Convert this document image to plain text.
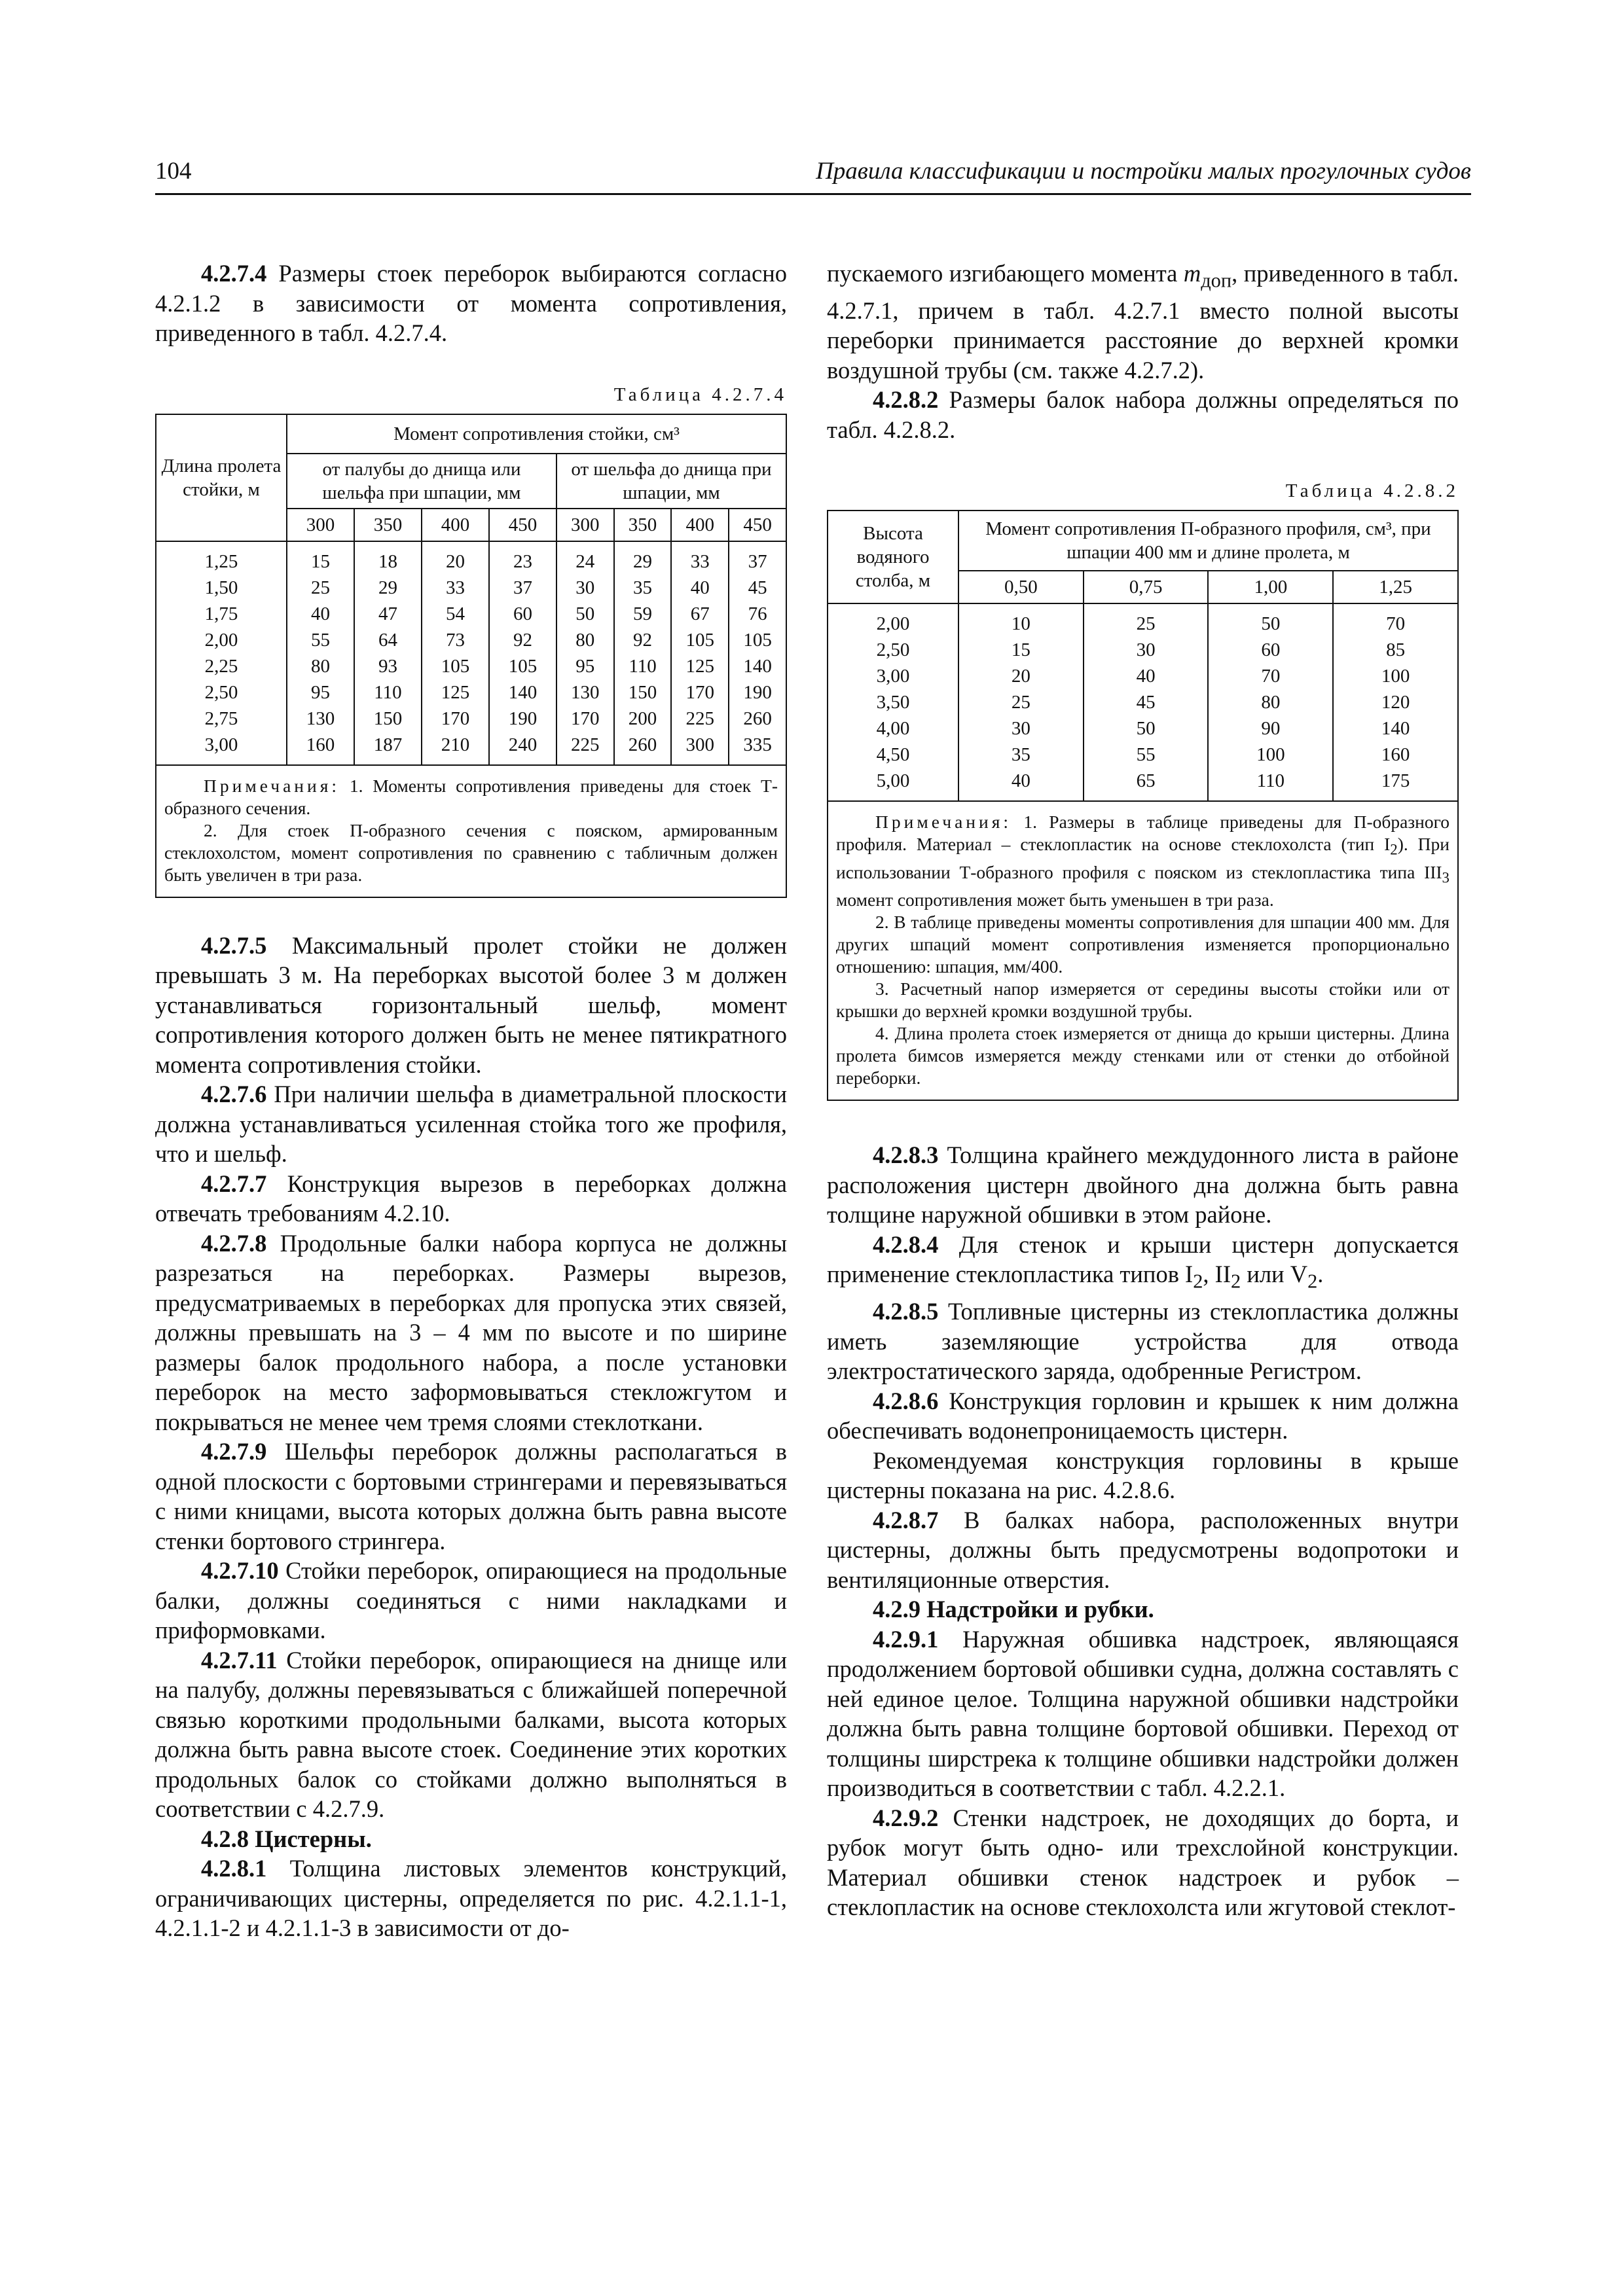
104	Правила классификации и постройки малых прогулочных судов

4.2.7.4 Размеры стоек переборок выбираются согласно 4.2.1.2 в зависимости от момента сопротивления, приведенного в табл. 4.2.7.4.

Таблица 4.2.7.4
Длина пролета стойки, м	Момент сопротивления стойки, см³							
	от палубы до днища или шельфа при шпации, мм				от шельфа до днища при шпации, мм			
	300	350	400	450	300	350	400	450
1,25	15	18	20	23	24	29	33	37
1,50	25	29	33	37	30	35	40	45
1,75	40	47	54	60	50	59	67	76
2,00	55	64	73	92	80	92	105	105
2,25	80	93	105	105	95	110	125	140
2,50	95	110	125	140	130	150	170	190
2,75	130	150	170	190	170	200	225	260
3,00	160	187	210	240	225	260	300	335

Примечания: 1. Моменты сопротивления приведены для стоек Т-образного сечения.

2. Для стоек П-образного сечения с пояском, армированным стеклохолстом, момент сопротивления по сравнению с табличным должен быть увеличен в три раза.								

4.2.7.5 Максимальный пролет стойки не должен превышать 3 м. На переборках высотой более 3 м должен устанавливаться горизонтальный шельф, момент сопротивления которого должен быть не менее пятикратного момента сопротивления стойки.

4.2.7.6 При наличии шельфа в диаметральной плоскости должна устанавливаться усиленная стойка того же профиля, что и шельф.

4.2.7.7 Конструкция вырезов в переборках должна отвечать требованиям 4.2.10.

4.2.7.8 Продольные балки набора корпуса не должны разрезаться на переборках. Размеры вырезов, предусматриваемых в переборках для пропуска этих связей, должны превышать на 3 – 4 мм по высоте и по ширине размеры балок продольного набора, а после установки переборок на место заформовываться стекложгутом и покрываться не менее чем тремя слоями стеклоткани.

4.2.7.9 Шельфы переборок должны располагаться в одной плоскости с бортовыми стрингерами и перевязываться с ними кницами, высота которых должна быть равна высоте стенки бортового стрингера.

4.2.7.10 Стойки переборок, опирающиеся на продольные балки, должны соединяться с ними накладками и приформовками.

4.2.7.11 Стойки переборок, опирающиеся на днище или на палубу, должны перевязываться с ближайшей поперечной связью короткими продольными балками, высота которых должна быть равна высоте стоек. Соединение этих коротких продольных балок со стойками должно выполняться в соответствии с 4.2.7.9.

4.2.8 Цистерны.

4.2.8.1 Толщина листовых элементов конструкций, ограничивающих цистерны, определяется по рис. 4.2.1.1-1, 4.2.1.1-2 и 4.2.1.1-3 в зависимости от до-

пускаемого изгибающего момента $m_{доп}$, приведенного в табл. 4.2.7.1, причем в табл. 4.2.7.1 вместо полной высоты переборки принимается расстояние до верхней кромки воздушной трубы (см. также 4.2.7.2).

4.2.8.2 Размеры балок набора должны определяться по табл. 4.2.8.2.

Таблица 4.2.8.2
Высота водяного столба, м	Момент сопротивления П-образного профиля, см³, при шпации 400 мм и длине пролета, м			
	0,50	0,75	1,00	1,25
2,00	10	25	50	70
2,50	15	30	60	85
3,00	20	40	70	100
3,50	25	45	80	120
4,00	30	50	90	140
4,50	35	55	100	160
5,00	40	65	110	175

Примечания: 1. Размеры в таблице приведены для П-образного профиля. Материал – стеклопластик на основе стеклохолста (тип $I_2$). При использовании Т-образного профиля с пояском из стеклопластика типа $III_3$ момент сопротивления может быть уменьшен в три раза.

2. В таблице приведены моменты сопротивления для шпации 400 мм. Для других шпаций момент сопротивления изменяется пропорционально отношению: шпация, мм/400.

3. Расчетный напор измеряется от середины высоты стойки или от крышки до верхней кромки воздушной трубы.

4. Длина пролета стоек измеряется от днища до крыши цистерны. Длина пролета бимсов измеряется между стенками или от стенки до отбойной переборки.				

4.2.8.3 Толщина крайнего междудонного листа в районе расположения цистерн двойного дна должна быть равна толщине наружной обшивки в этом районе.

4.2.8.4 Для стенок и крыши цистерн допускается применение стеклопластика типов $I_2$, $II_2$ или $V_2$.

4.2.8.5 Топливные цистерны из стеклопластика должны иметь заземляющие устройства для отвода электростатического заряда, одобренные Регистром.

4.2.8.6 Конструкция горловин и крышек к ним должна обеспечивать водонепроницаемость цистерн.

Рекомендуемая конструкция горловины в крыше цистерны показана на рис. 4.2.8.6.

4.2.8.7 В балках набора, расположенных внутри цистерны, должны быть предусмотрены водопротоки и вентиляционные отверстия.

4.2.9 Надстройки и рубки.

4.2.9.1 Наружная обшивка надстроек, являющаяся продолжением бортовой обшивки судна, должна составлять с ней единое целое. Толщина наружной обшивки надстройки должна быть равна толщине бортовой обшивки. Переход от толщины ширстрека к толщине обшивки надстройки должен производиться в соответствии с табл. 4.2.2.1.

4.2.9.2 Стенки надстроек, не доходящих до борта, и рубок могут быть одно- или трехслойной конструкции. Материал обшивки стенок надстроек и рубок – стеклопластик на основе стеклохолста или жгутовой стеклот-
